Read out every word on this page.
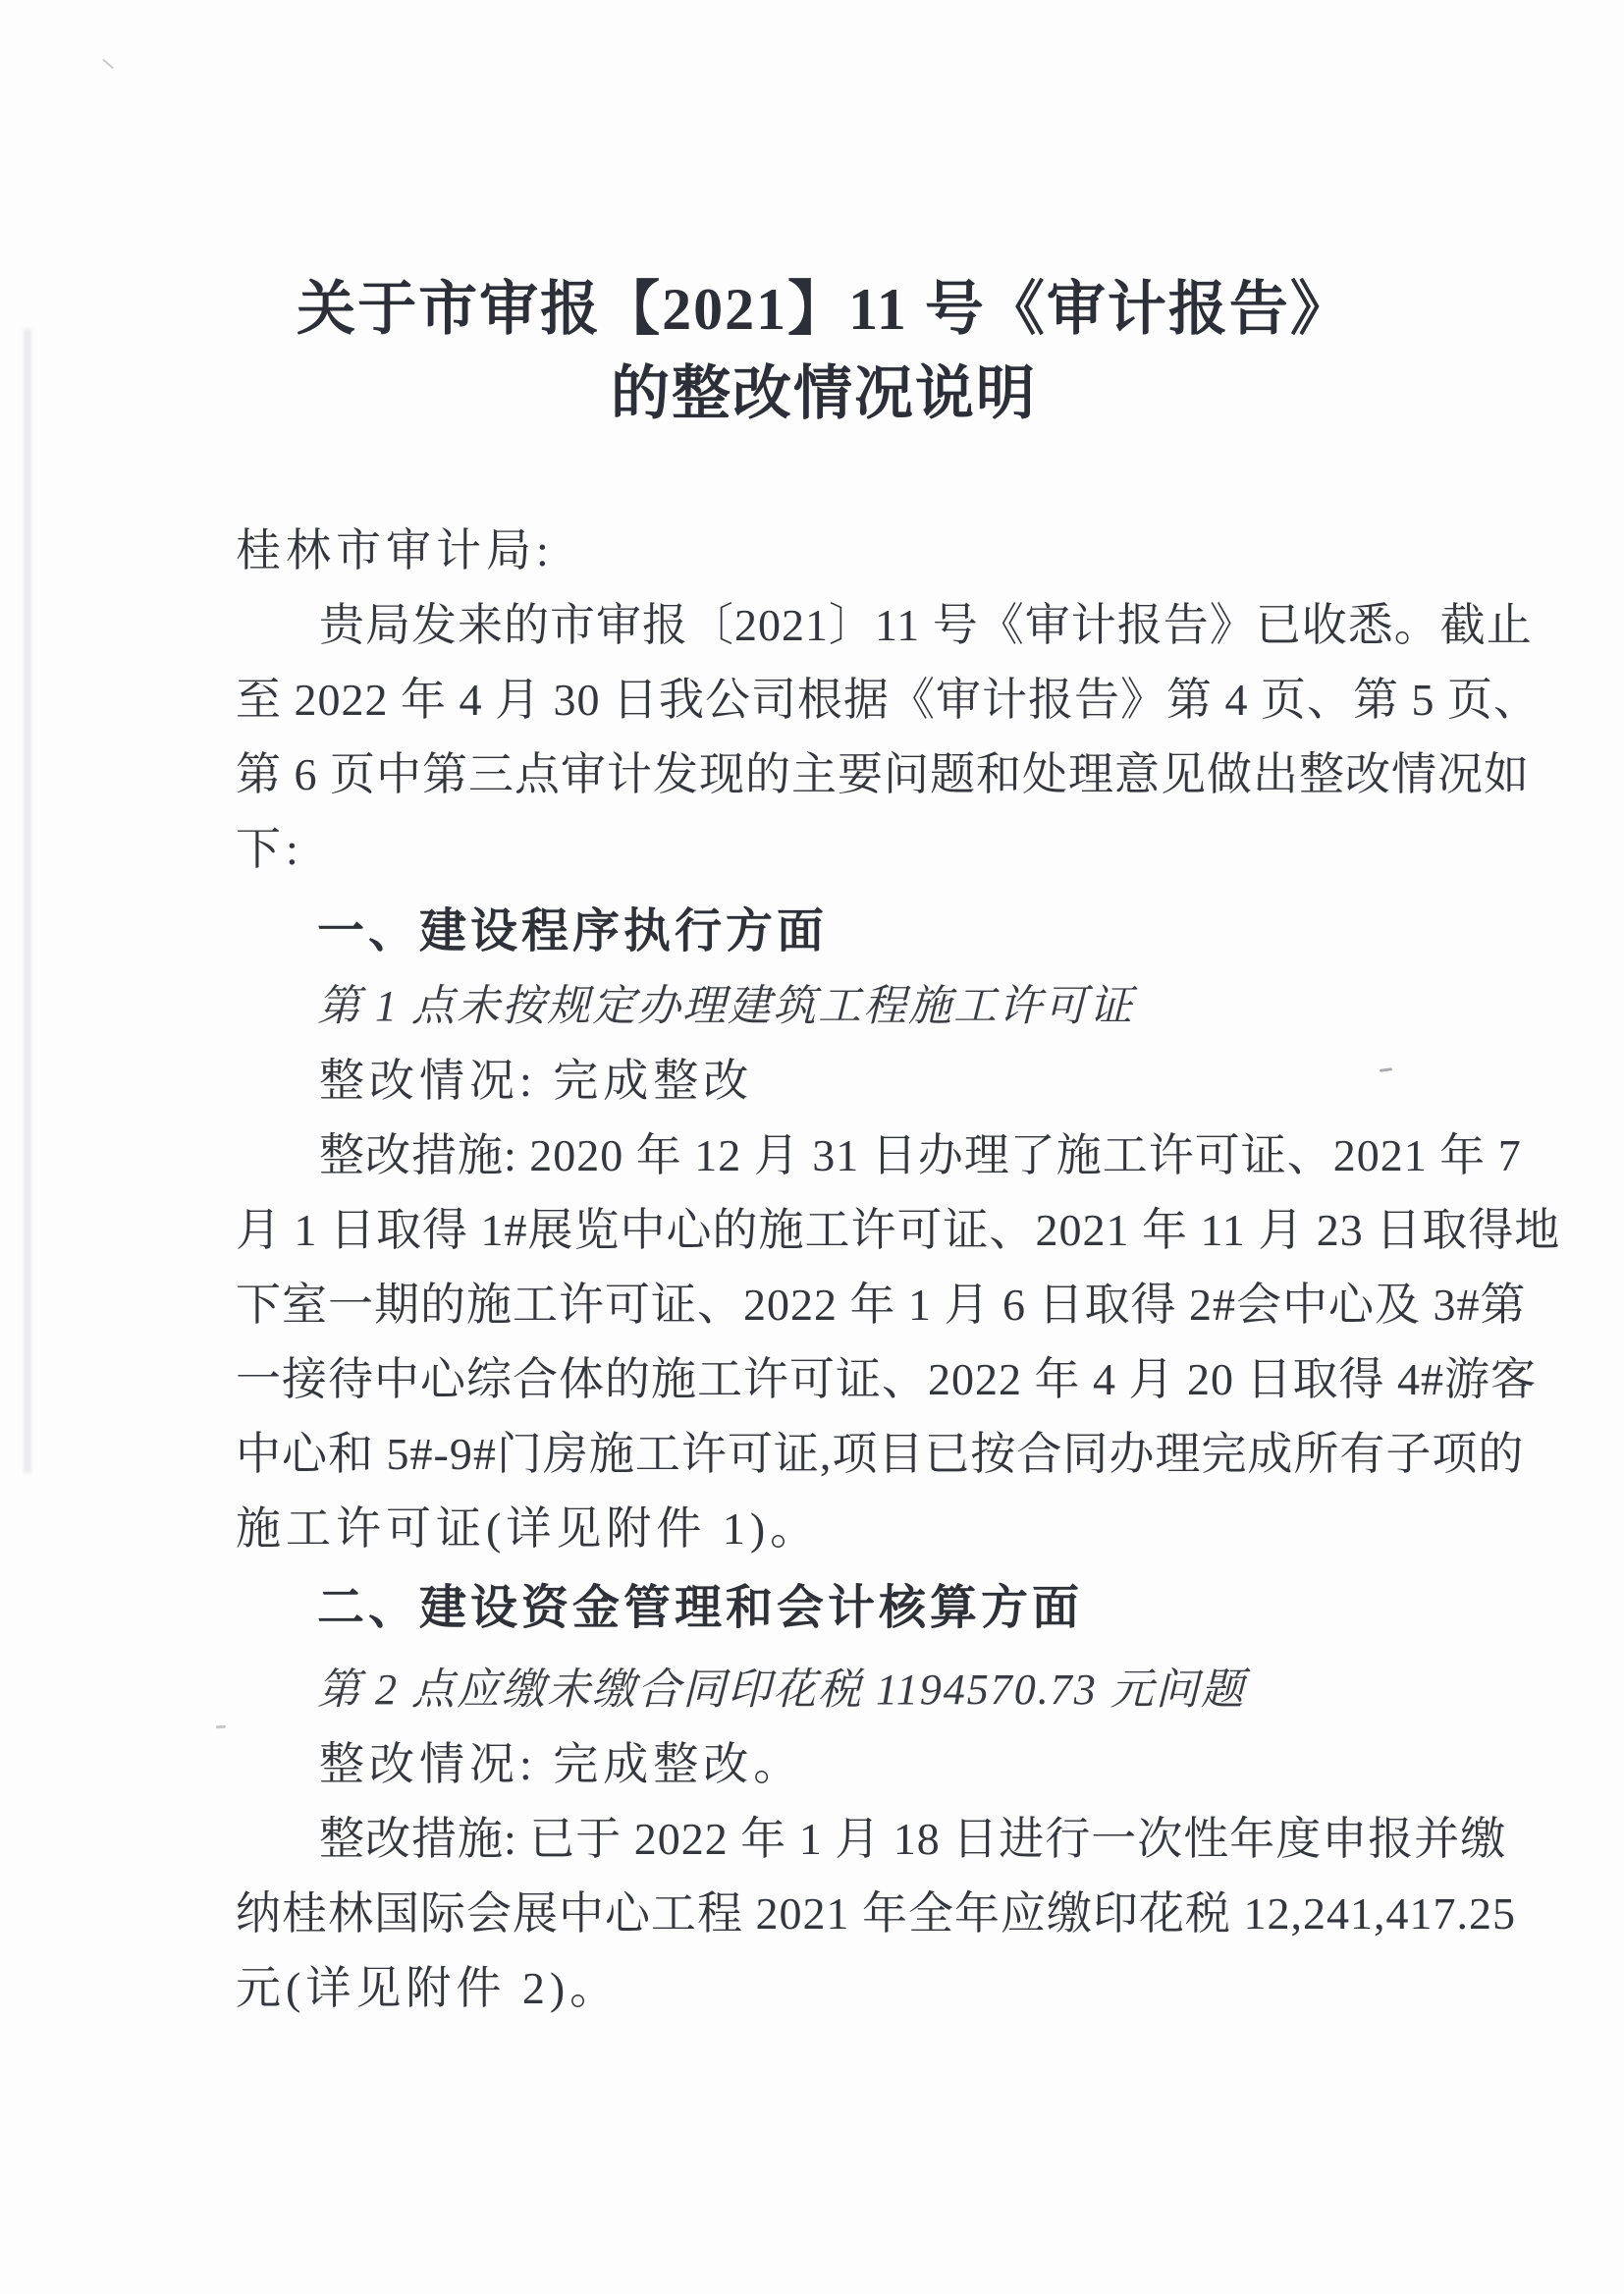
关于市审报【2021】11 号《审计报告》
的整改情况说明
桂林市审计局:
贵局发来的市审报〔2021〕11 号《审计报告》已收悉。截止
至 2022 年 4 月 30 日我公司根据《审计报告》第 4 页、第 5 页、
第 6 页中第三点审计发现的主要问题和处理意见做出整改情况如
下:
一、建设程序执行方面
第 1 点未按规定办理建筑工程施工许可证
整改情况: 完成整改
整改措施: 2020 年 12 月 31 日办理了施工许可证、2021 年 7
月 1 日取得 1#展览中心的施工许可证、2021 年 11 月 23 日取得地
下室一期的施工许可证、2022 年 1 月 6 日取得 2#会中心及 3#第
一接待中心综合体的施工许可证、2022 年 4 月 20 日取得 4#游客
中心和 5#-9#门房施工许可证,项目已按合同办理完成所有子项的
施工许可证(详见附件 1)。
二、建设资金管理和会计核算方面
第 2 点应缴未缴合同印花税 1194570.73 元问题
整改情况: 完成整改。
整改措施: 已于 2022 年 1 月 18 日进行一次性年度申报并缴
纳桂林国际会展中心工程 2021 年全年应缴印花税 12,241,417.25
元(详见附件 2)。
